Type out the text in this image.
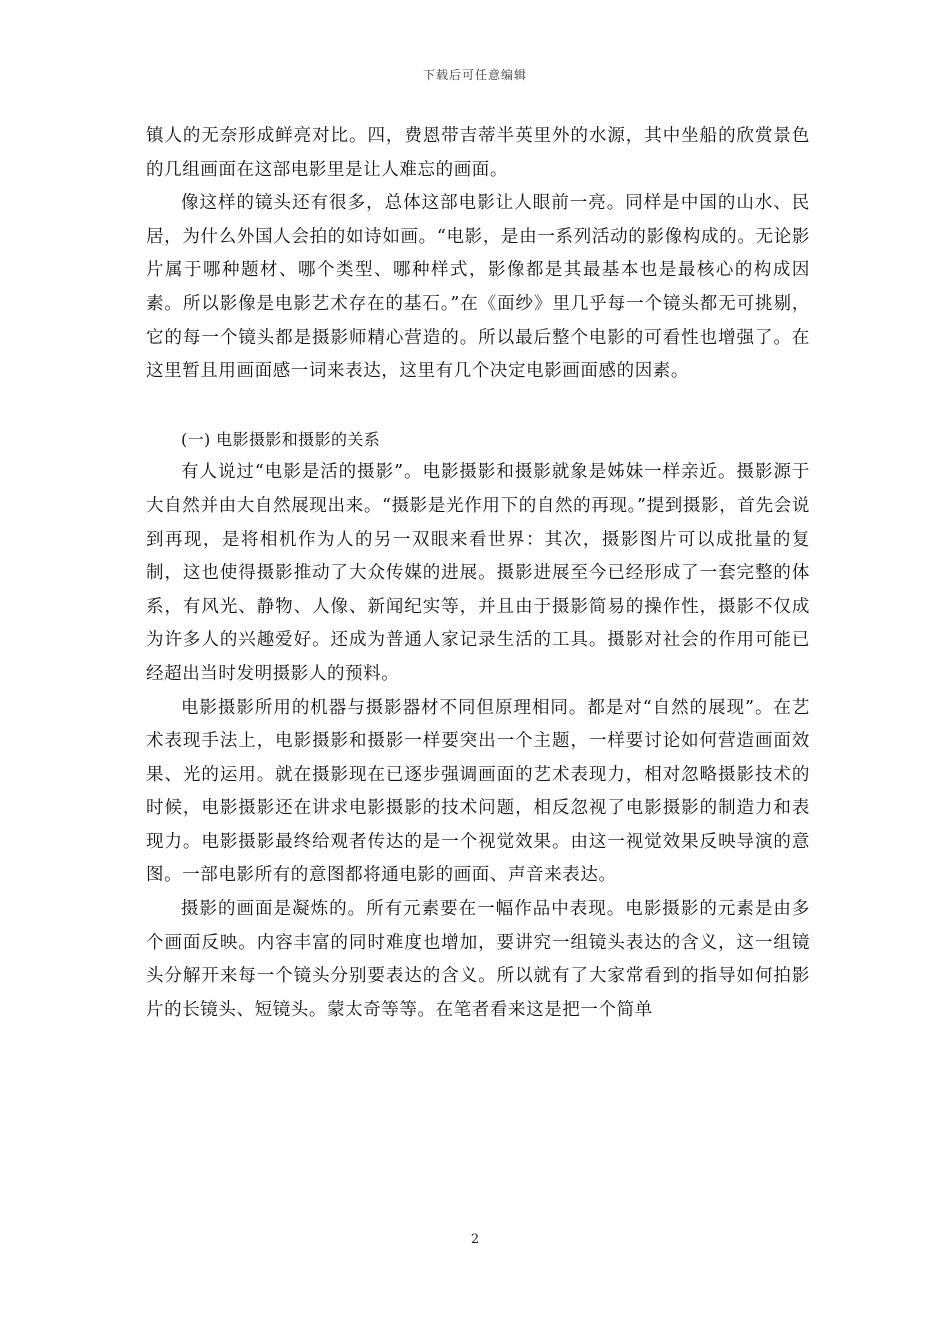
下载后可任意编辑

镇人的无奈形成鲜亮对比。四，费恩带吉蒂半英里外的水源，其中坐船的欣赏景色的几组画面在这部电影里是让人难忘的画面。

像这样的镜头还有很多，总体这部电影让人眼前一亮。同样是中国的山水、民居，为什么外国人会拍的如诗如画。“电影，是由一系列活动的影像构成的。无论影片属于哪种题材、哪个类型、哪种样式，影像都是其最基本也是最核心的构成因素。所以影像是电影艺术存在的基石。”在《面纱》里几乎每一个镜头都无可挑剔，它的每一个镜头都是摄影师精心营造的。所以最后整个电影的可看性也增强了。在这里暂且用画面感一词来表达，这里有几个决定电影画面感的因素。

(一) 电影摄影和摄影的关系

有人说过“电影是活的摄影”。电影摄影和摄影就象是姊妹一样亲近。摄影源于大自然并由大自然展现出来。“摄影是光作用下的自然的再现。”提到摄影，首先会说到再现，是将相机作为人的另一双眼来看世界：其次，摄影图片可以成批量的复制，这也使得摄影推动了大众传媒的进展。摄影进展至今已经形成了一套完整的体系，有风光、静物、人像、新闻纪实等，并且由于摄影简易的操作性，摄影不仅成为许多人的兴趣爱好。还成为普通人家记录生活的工具。摄影对社会的作用可能已经超出当时发明摄影人的预料。

电影摄影所用的机器与摄影器材不同但原理相同。都是对“自然的展现”。在艺术表现手法上，电影摄影和摄影一样要突出一个主题，一样要讨论如何营造画面效果、光的运用。就在摄影现在已逐步强调画面的艺术表现力，相对忽略摄影技术的时候，电影摄影还在讲求电影摄影的技术问题，相反忽视了电影摄影的制造力和表现力。电影摄影最终给观者传达的是一个视觉效果。由这一视觉效果反映导演的意图。一部电影所有的意图都将通电影的画面、声音来表达。

摄影的画面是凝炼的。所有元素要在一幅作品中表现。电影摄影的元素是由多个画面反映。内容丰富的同时难度也增加，要讲究一组镜头表达的含义，这一组镜头分解开来每一个镜头分别要表达的含义。所以就有了大家常看到的指导如何拍影片的长镜头、短镜头。蒙太奇等等。在笔者看来这是把一个简单

2
